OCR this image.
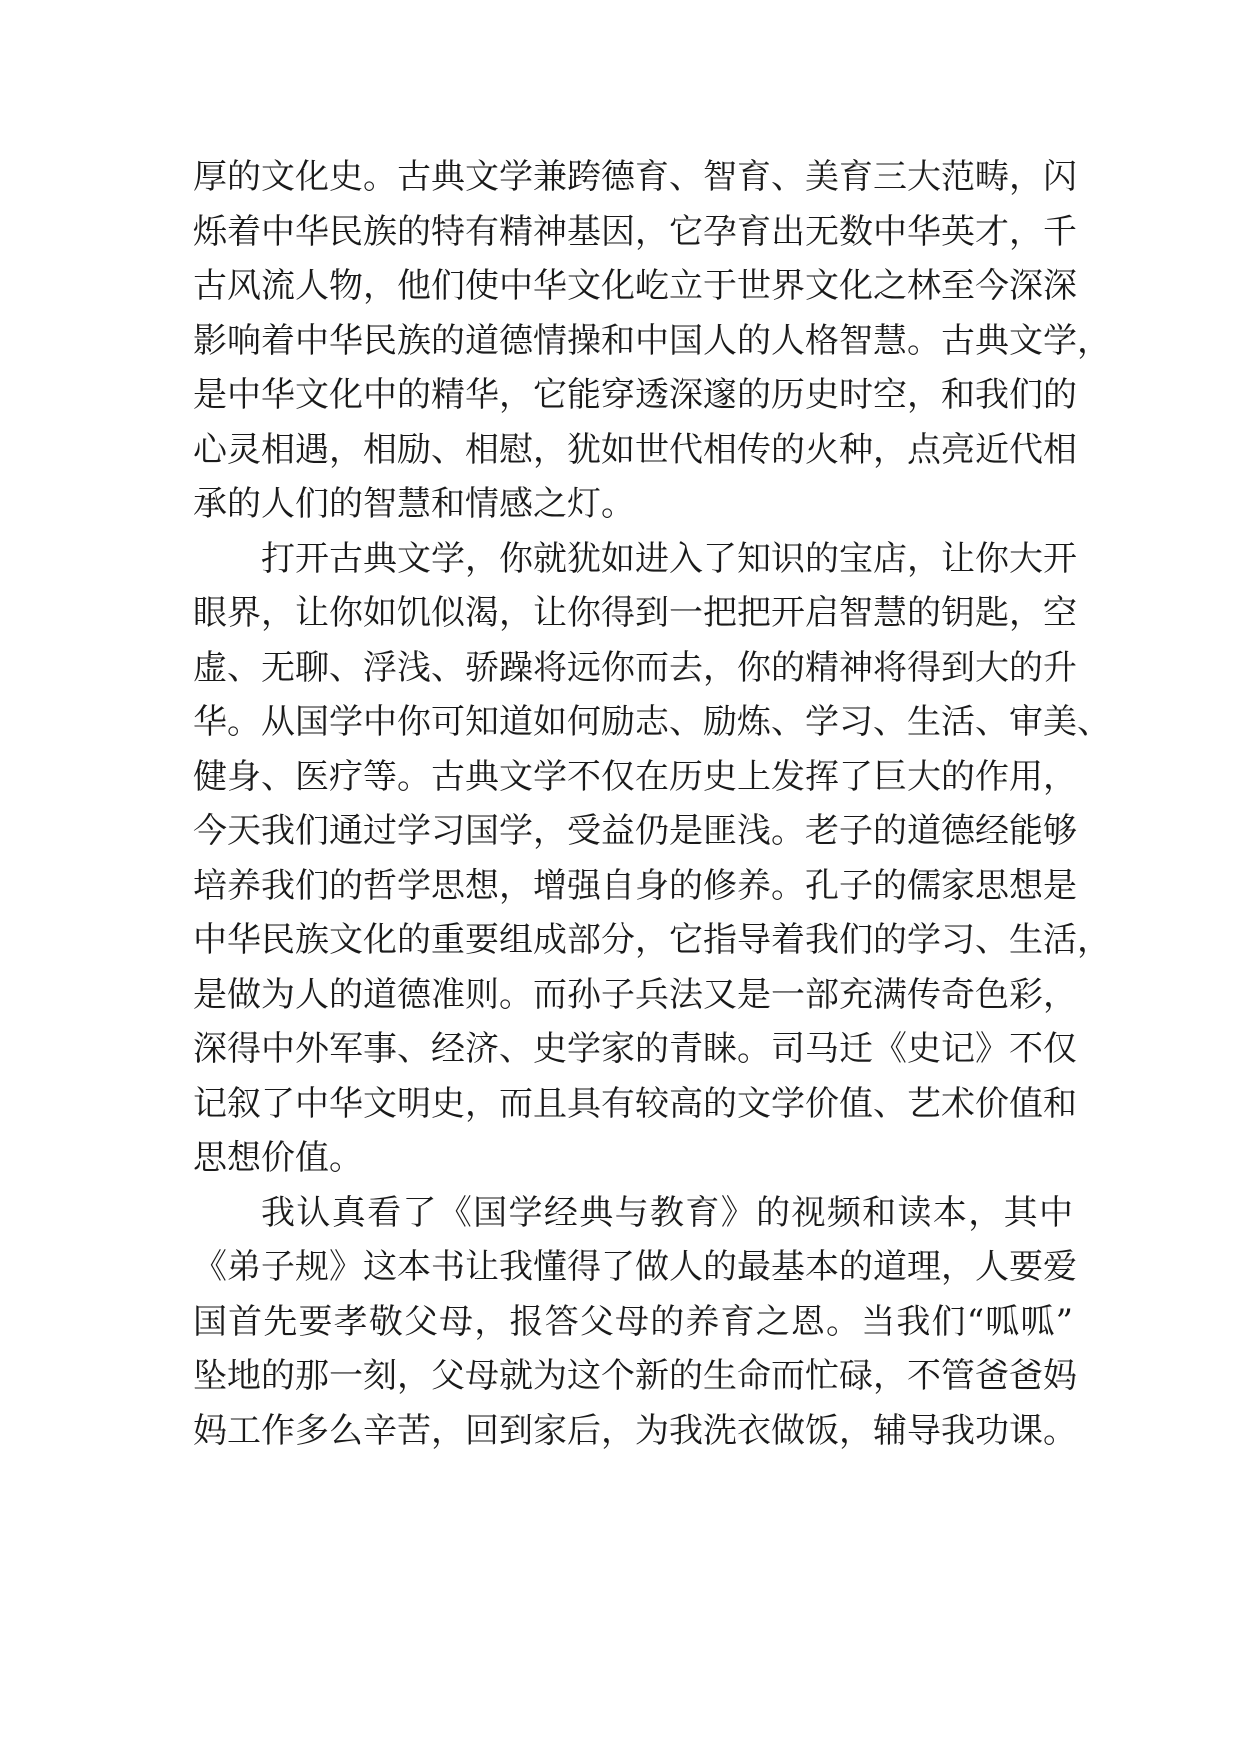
厚的文化史。古典文学兼跨德育、智育、美育三大范畴，闪
烁着中华民族的特有精神基因，它孕育出无数中华英才，千
古风流人物，他们使中华文化屹立于世界文化之林至今深深
影响着中华民族的道德情操和中国人的人格智慧。古典文学，
是中华文化中的精华，它能穿透深邃的历史时空，和我们的
心灵相遇，相励、相慰，犹如世代相传的火种，点亮近代相
承的人们的智慧和情感之灯。
打开古典文学，你就犹如进入了知识的宝店，让你大开
眼界，让你如饥似渴，让你得到一把把开启智慧的钥匙，空
虚、无聊、浮浅、骄躁将远你而去，你的精神将得到大的升
华。从国学中你可知道如何励志、励炼、学习、生活、审美、
健身、医疗等。古典文学不仅在历史上发挥了巨大的作用，
今天我们通过学习国学，受益仍是匪浅。老子的道德经能够
培养我们的哲学思想，增强自身的修养。孔子的儒家思想是
中华民族文化的重要组成部分，它指导着我们的学习、生活，
是做为人的道德准则。而孙子兵法又是一部充满传奇色彩，
深得中外军事、经济、史学家的青睐。司马迁《史记》不仅
记叙了中华文明史，而且具有较高的文学价值、艺术价值和
思想价值。
我认真看了《国学经典与教育》的视频和读本，其中
《弟子规》这本书让我懂得了做人的最基本的道理，人要爱
国首先要孝敬父母，报答父母的养育之恩。当我们“呱呱”
坠地的那一刻，父母就为这个新的生命而忙碌，不管爸爸妈
妈工作多么辛苦，回到家后，为我洗衣做饭，辅导我功课。
